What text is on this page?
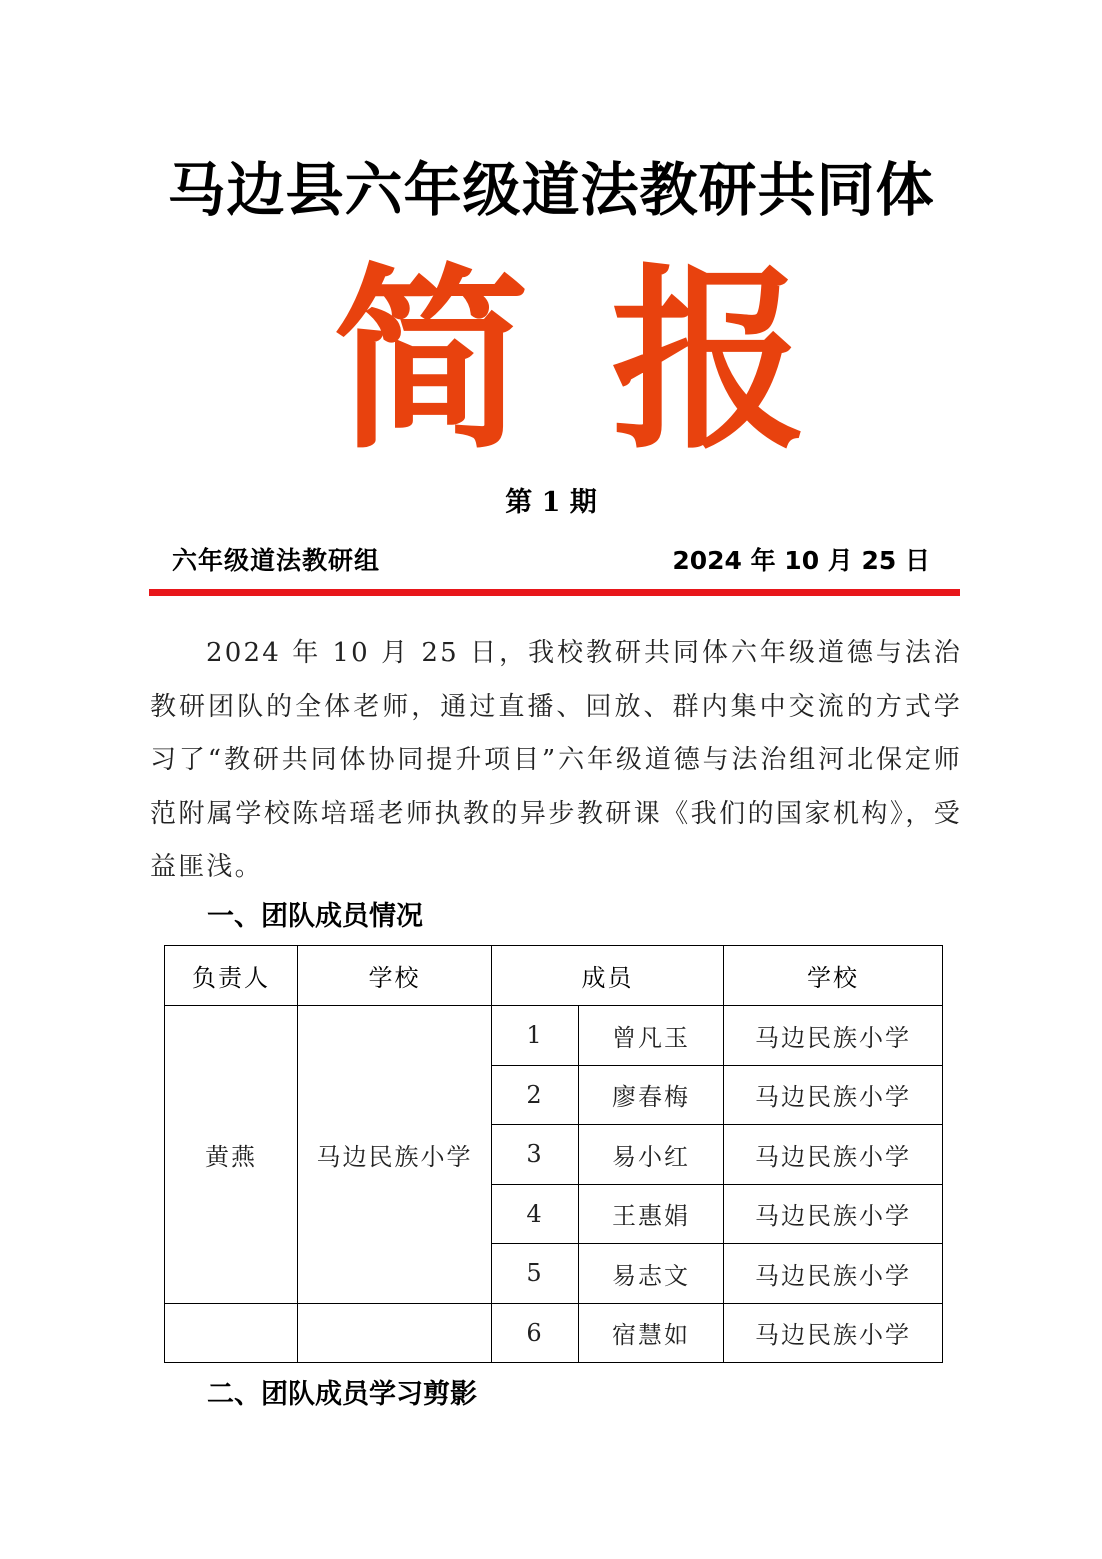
马边县六年级道法教研共同体
简 报
第 1 期
六年级道法教研组	2024 年 10 月 25 日
2024 年 10 月 25 日，我校教研共同体六年级道德与法治教研团队的全体老师，通过直播、回放、群内集中交流的方式学习了“教研共同体协同提升项目”六年级道德与法治组河北保定师范附属学校陈培瑶老师执教的异步教研课《我们的国家机构》，受益匪浅。
一、团队成员情况
负责人	学校	成员		学校
黄燕	马边民族小学	1	曾凡玉	马边民族小学
		2	廖春梅	马边民族小学
		3	易小红	马边民族小学
		4	王惠娟	马边民族小学
		5	易志文	马边民族小学
		6	宿慧如	马边民族小学
二、团队成员学习剪影
